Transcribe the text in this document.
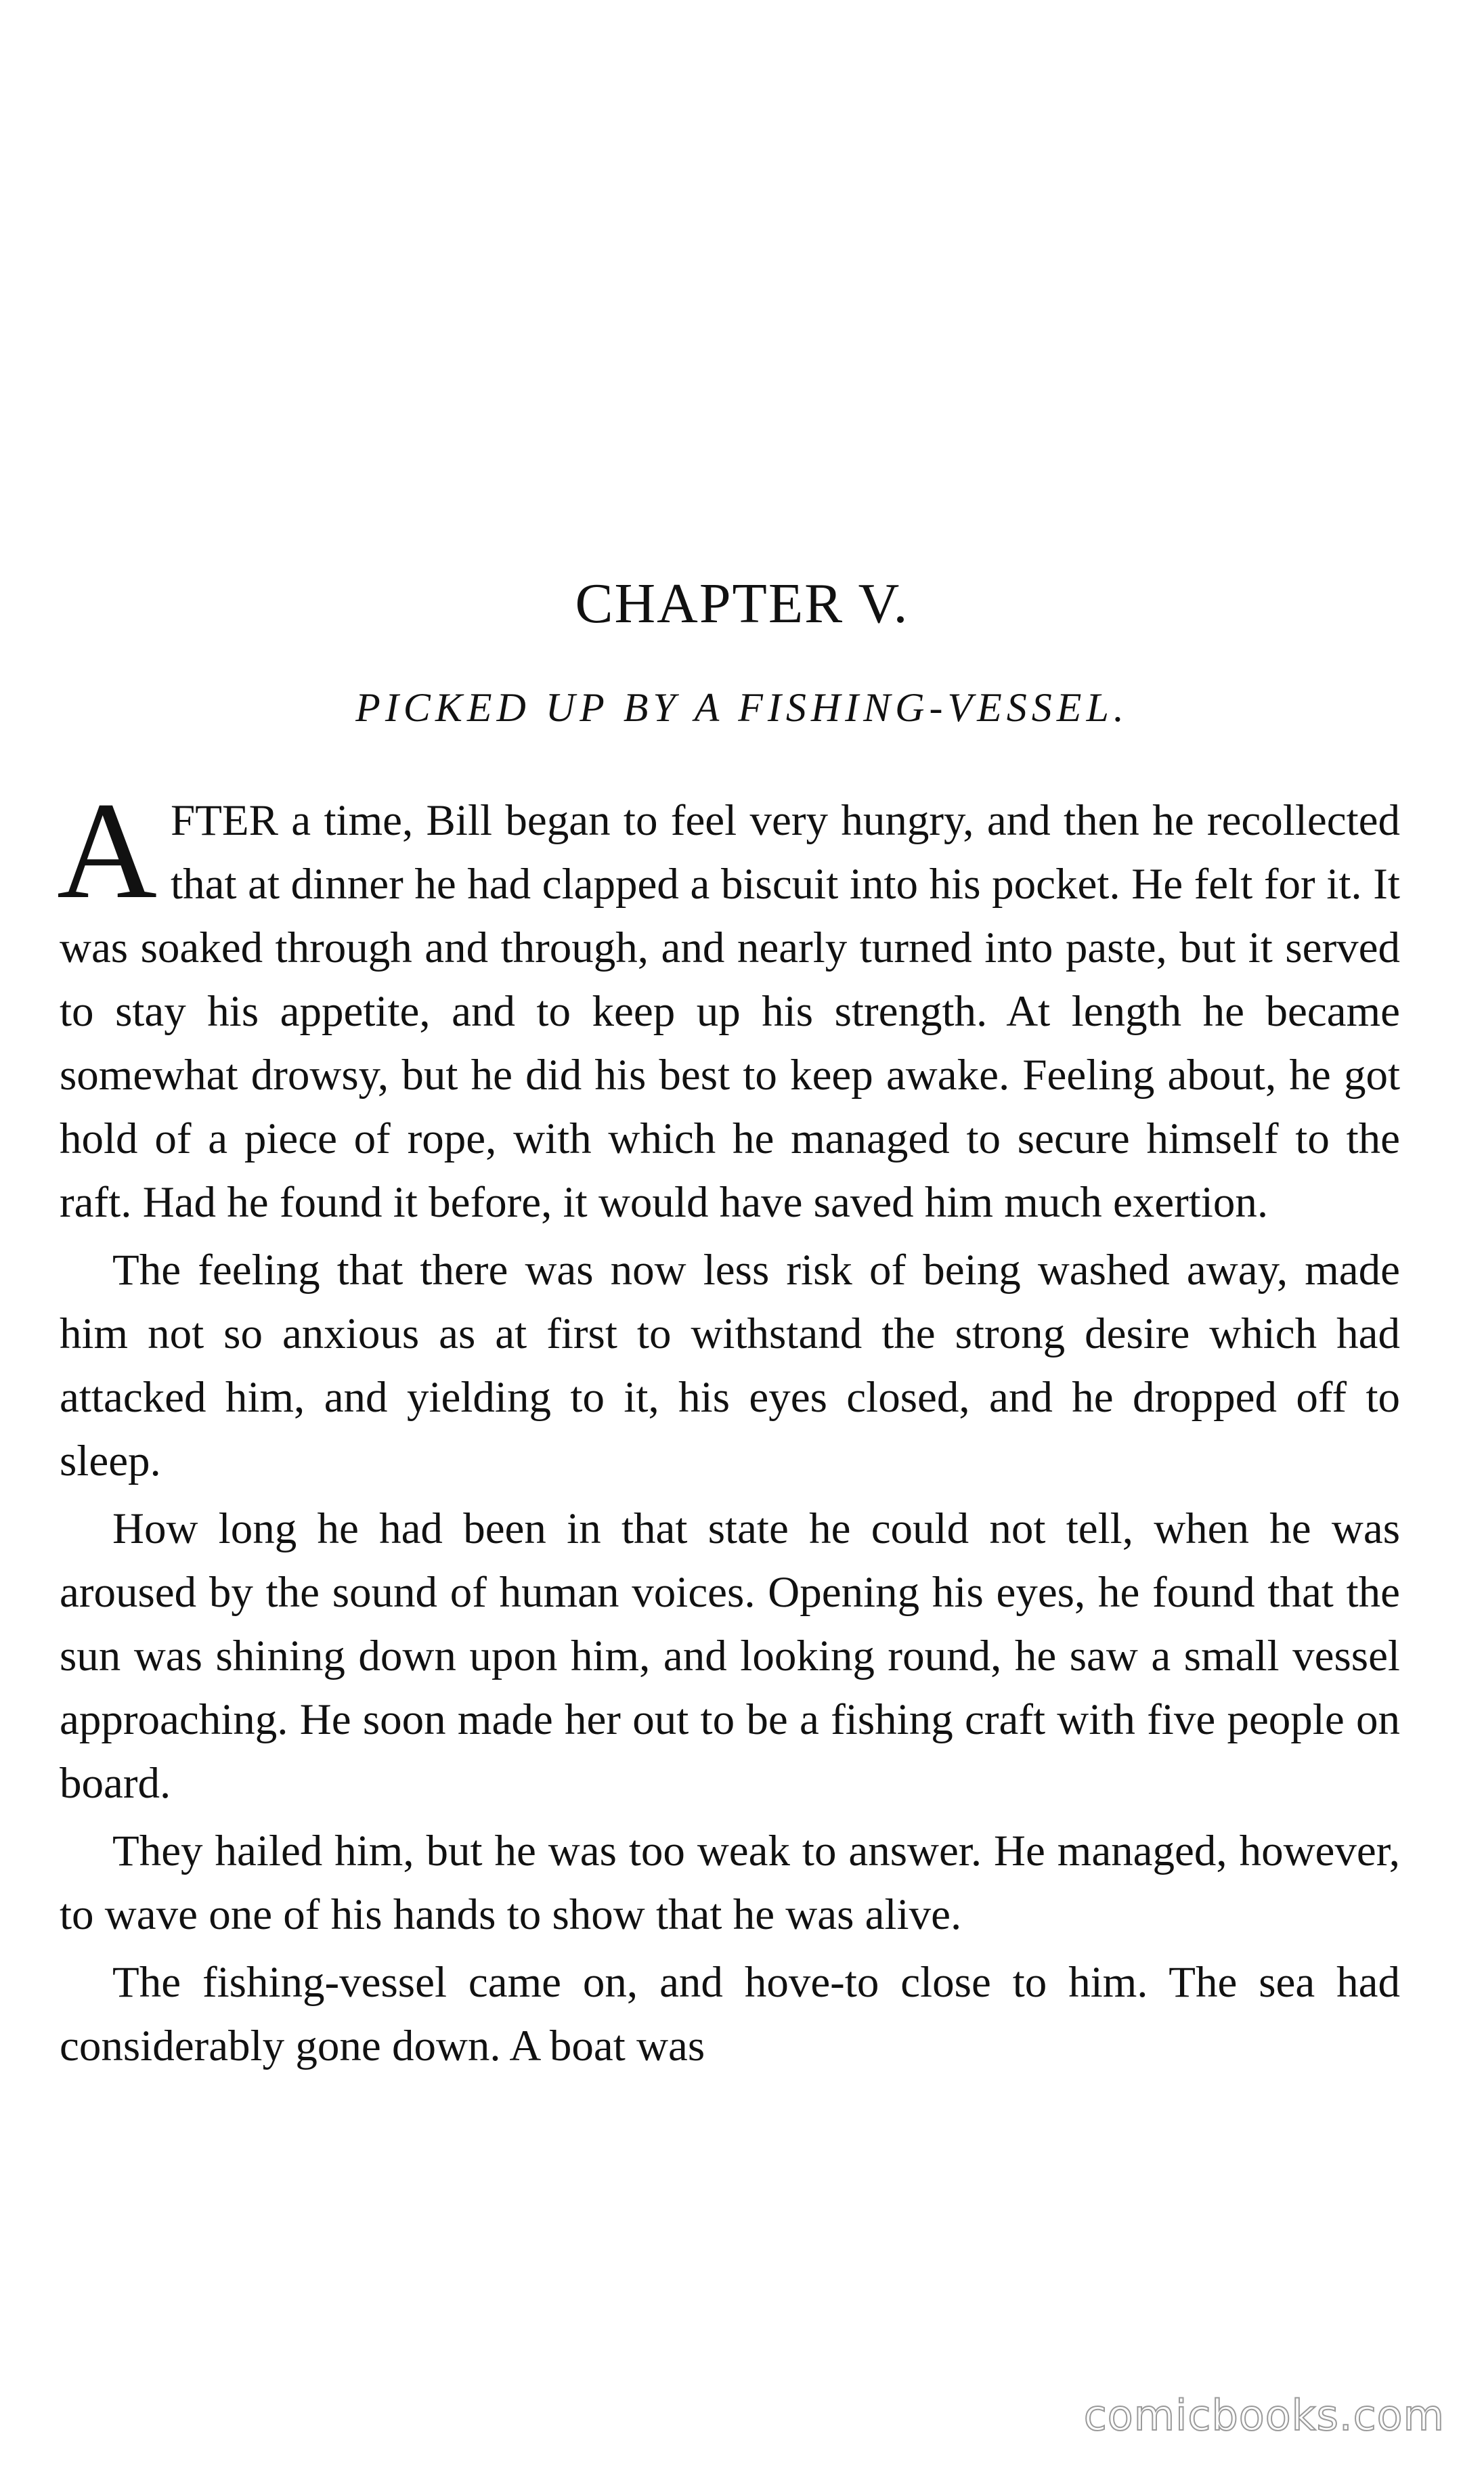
CHAPTER V.
PICKED UP BY A FISHING-VESSEL.

AFTER a time, Bill began to feel very hungry, and then he recollected that at dinner he had clapped a biscuit into his pocket. He felt for it. It was soaked through and through, and nearly turned into paste, but it served to stay his appetite, and to keep up his strength. At length he became somewhat drowsy, but he did his best to keep awake. Feeling about, he got hold of a piece of rope, with which he managed to secure himself to the raft. Had he found it before, it would have saved him much exertion.

The feeling that there was now less risk of being washed away, made him not so anxious as at first to withstand the strong desire which had attacked him, and yielding to it, his eyes closed, and he dropped off to sleep.

How long he had been in that state he could not tell, when he was aroused by the sound of human voices. Opening his eyes, he found that the sun was shining down upon him, and looking round, he saw a small vessel approaching. He soon made her out to be a fishing craft with five people on board.

They hailed him, but he was too weak to answer. He managed, however, to wave one of his hands to show that he was alive.

The fishing-vessel came on, and hove-to close to him. The sea had considerably gone down. A boat was

comicbooks.com
